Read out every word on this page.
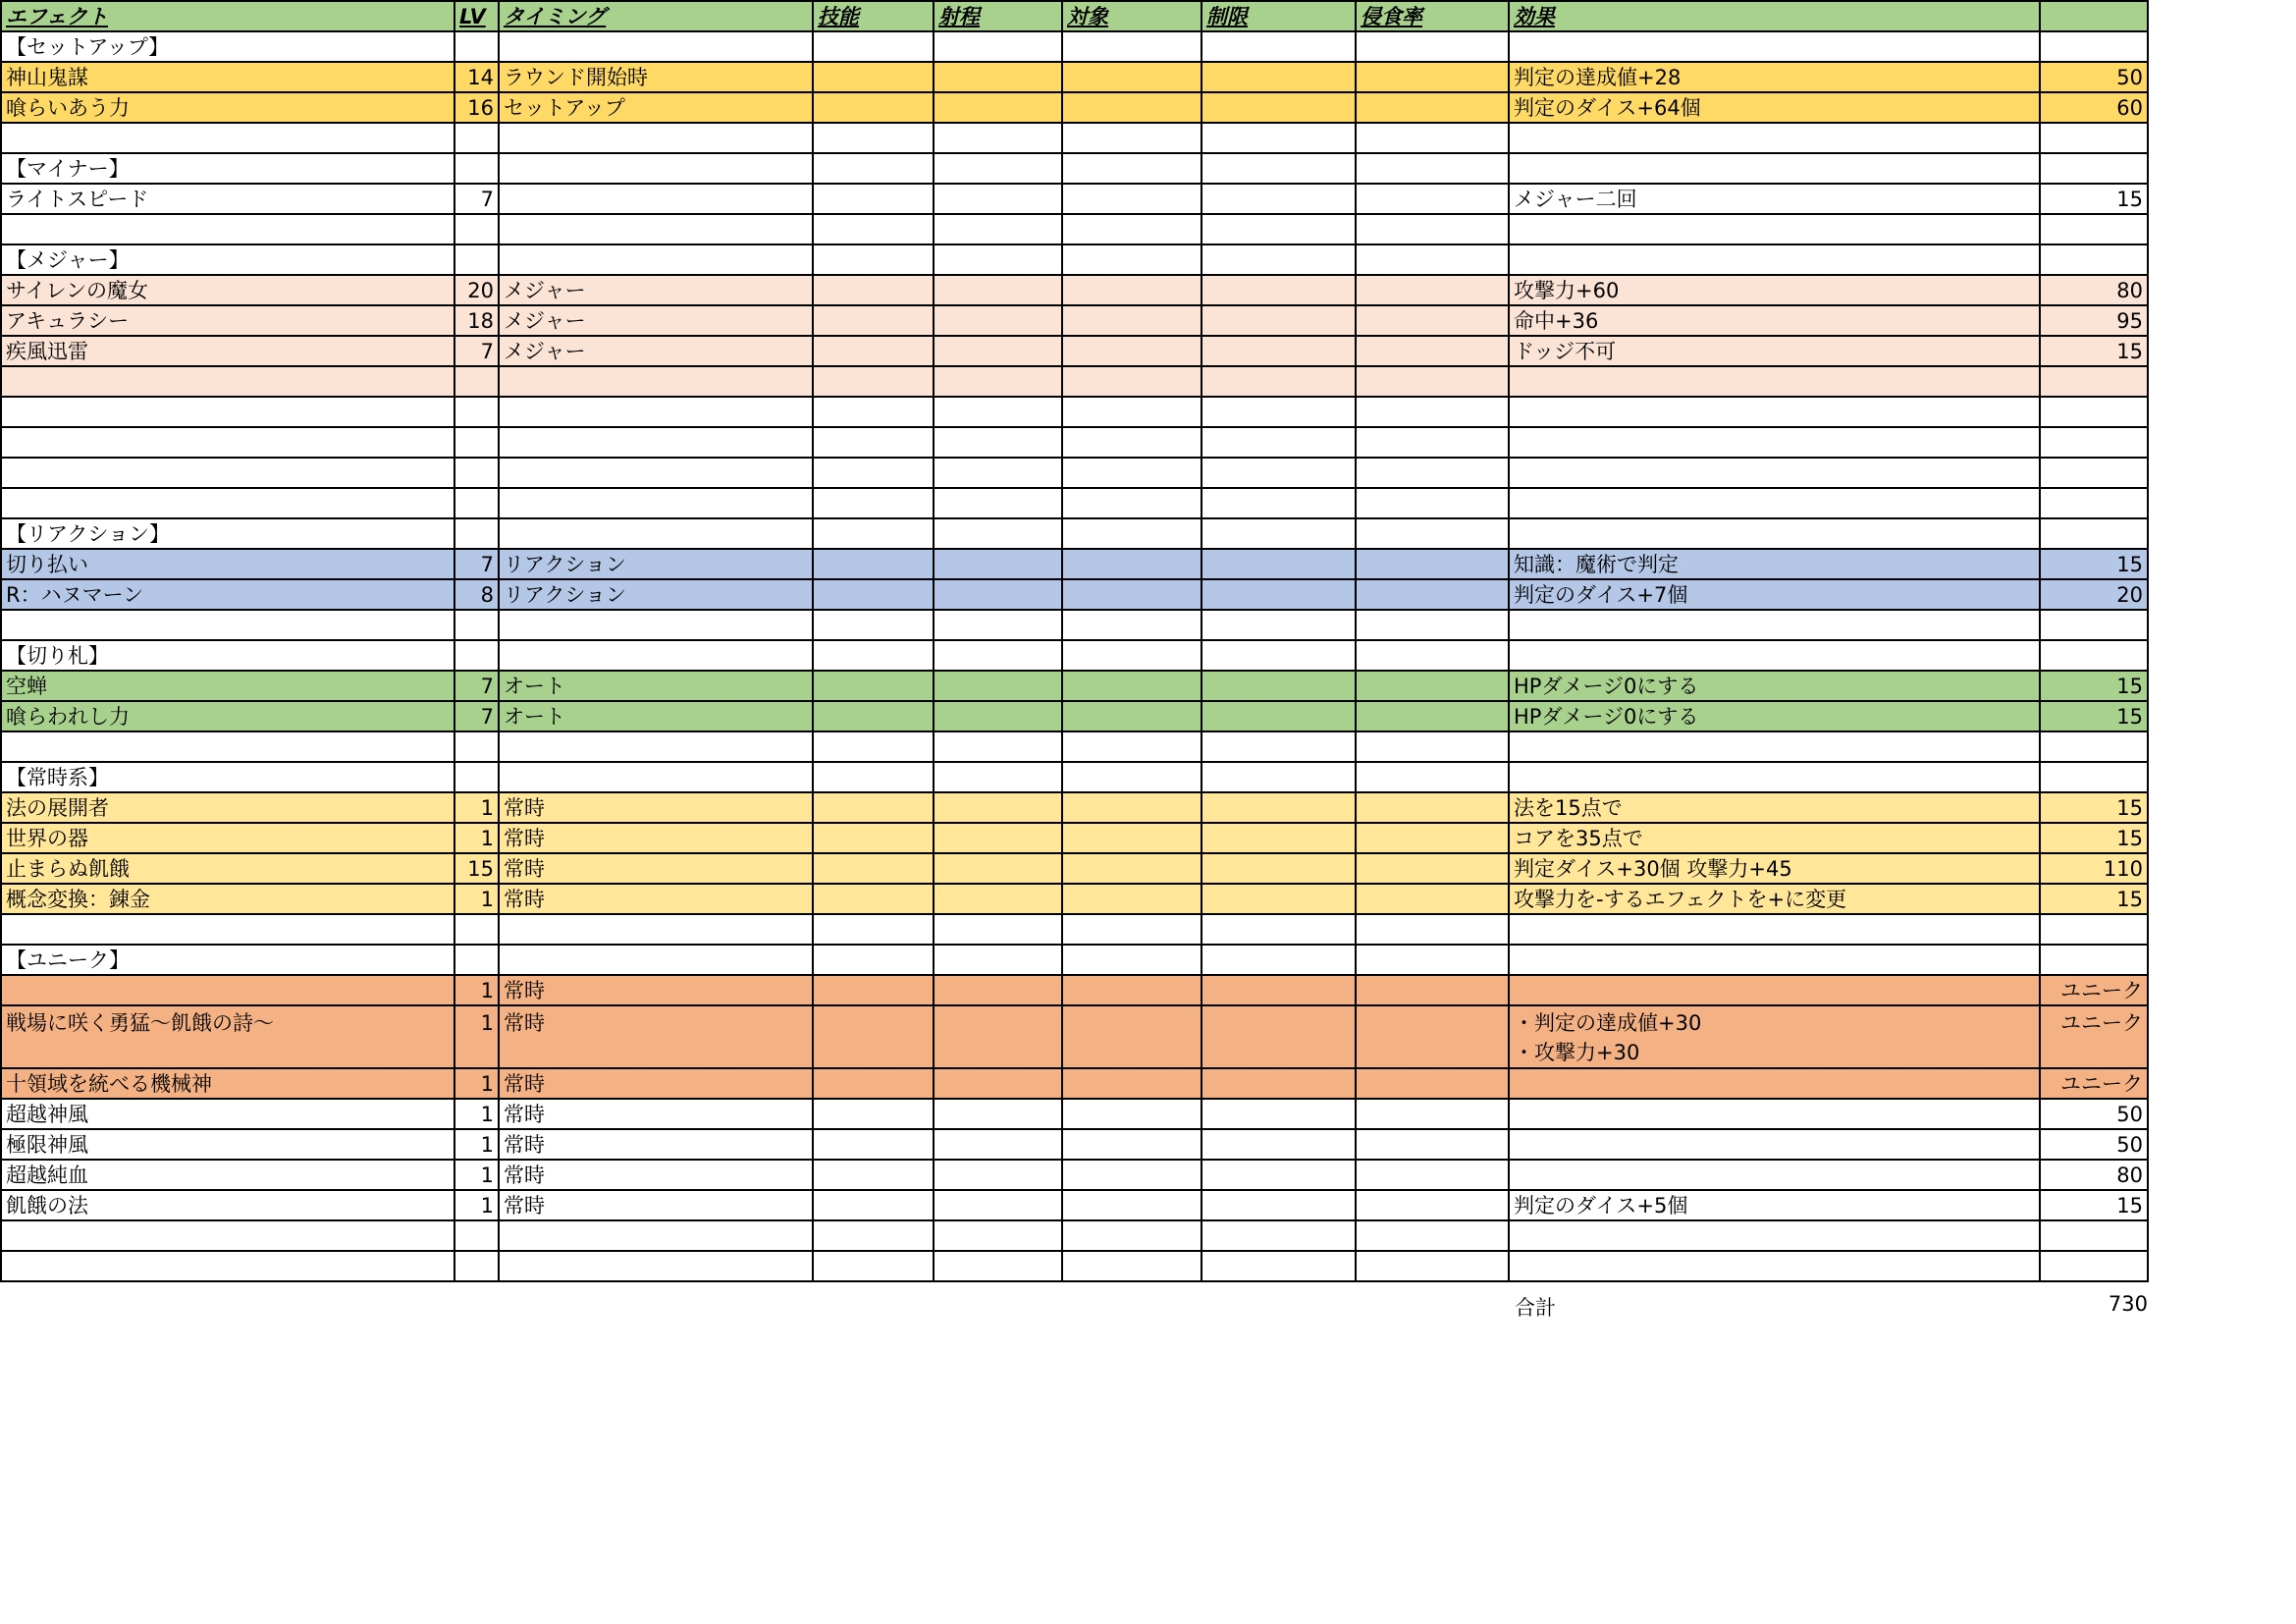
エフェクト	LV	タイミング	技能	射程	対象	制限	侵食率	効果	
【セットアップ】									
神山鬼謀	14	ラウンド開始時						判定の達成値+28	50
喰らいあう力	16	セットアップ						判定のダイス+64個	60

【マイナー】									
ライトスピード	7							メジャー二回	15

【メジャー】									
サイレンの魔女	20	メジャー						攻撃力+60	80
アキュラシー	18	メジャー						命中+36	95
疾風迅雷	7	メジャー						ドッジ不可	15

【リアクション】									
切り払い	7	リアクション						知識：魔術で判定	15
R：ハヌマーン	8	リアクション						判定のダイス+7個	20

【切り札】									
空蝉	7	オート						HPダメージ0にする	15
喰らわれし力	7	オート						HPダメージ0にする	15

【常時系】									
法の展開者	1	常時						法を15点で	15
世界の器	1	常時						コアを35点で	15
止まらぬ飢餓	15	常時						判定ダイス+30個 攻撃力+45	110
概念変換：錬金	1	常時						攻撃力を-するエフェクトを+に変更	15

【ユニーク】									
	1	常時							ユニーク

戦場に咲く勇猛～飢餓の詩～	1	常時						・判定の達成値+30
・攻撃力+30	ユニーク

十領域を統べる機械神	1	常時							ユニーク
超越神風	1	常時							50
極限神風	1	常時							50
超越純血	1	常時							80
飢餓の法	1	常時						判定のダイス+5個	15

合計	730
